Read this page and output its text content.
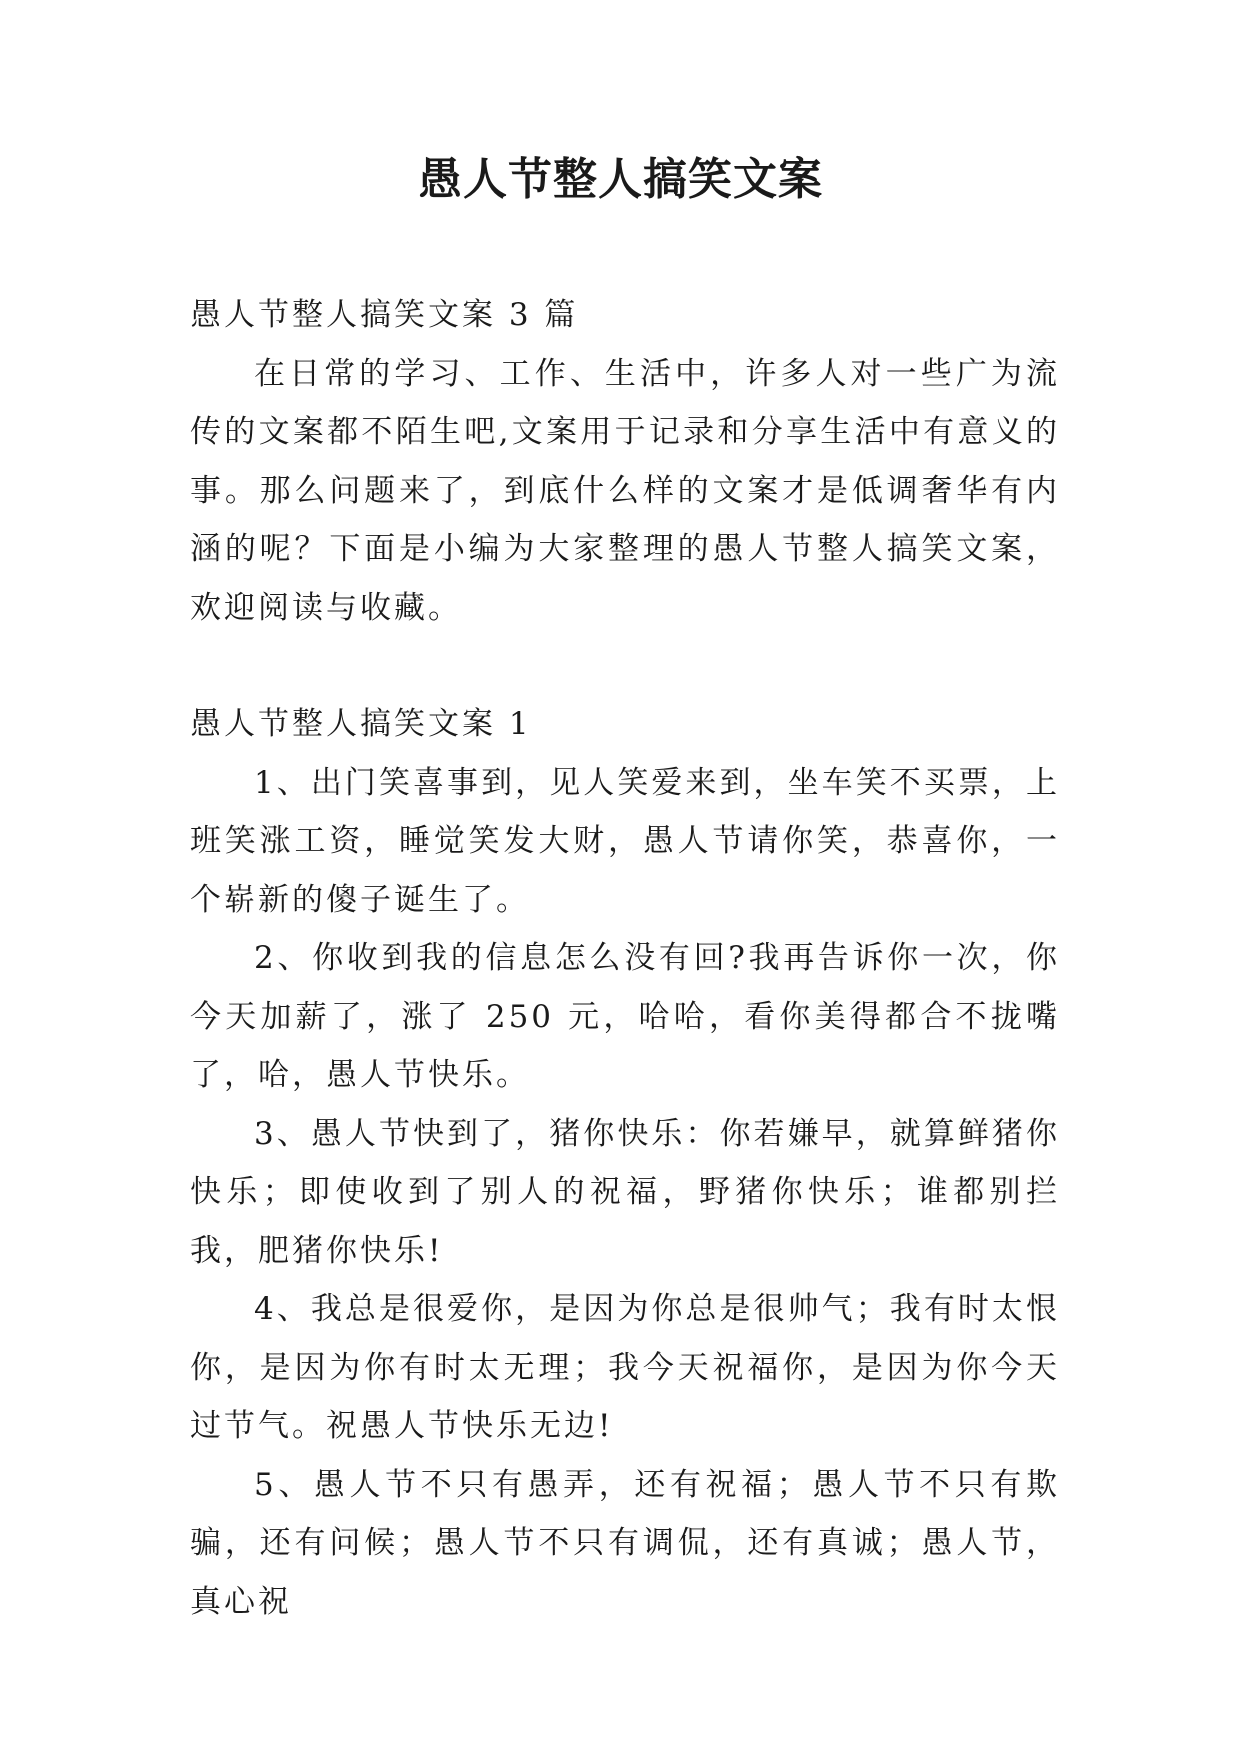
愚人节整人搞笑文案

愚人节整人搞笑文案 3 篇

在日常的学习、工作、生活中，许多人对一些广为流传的文案都不陌生吧,文案用于记录和分享生活中有意义的事。那么问题来了，到底什么样的文案才是低调奢华有内涵的呢？下面是小编为大家整理的愚人节整人搞笑文案，欢迎阅读与收藏。

愚人节整人搞笑文案 1

1、出门笑喜事到，见人笑爱来到，坐车笑不买票，上班笑涨工资，睡觉笑发大财，愚人节请你笑，恭喜你，一个崭新的傻子诞生了。

2、你收到我的信息怎么没有回?我再告诉你一次，你今天加薪了，涨了 250 元，哈哈，看你美得都合不拢嘴了，哈，愚人节快乐。

3、愚人节快到了，猪你快乐：你若嫌早，就算鲜猪你快乐；即使收到了别人的祝福，野猪你快乐；谁都别拦我，肥猪你快乐!

4、我总是很爱你，是因为你总是很帅气；我有时太恨你，是因为你有时太无理；我今天祝福你，是因为你今天过节气。祝愚人节快乐无边!

5、愚人节不只有愚弄，还有祝福；愚人节不只有欺骗，还有问候；愚人节不只有调侃，还有真诚；愚人节，真心祝
